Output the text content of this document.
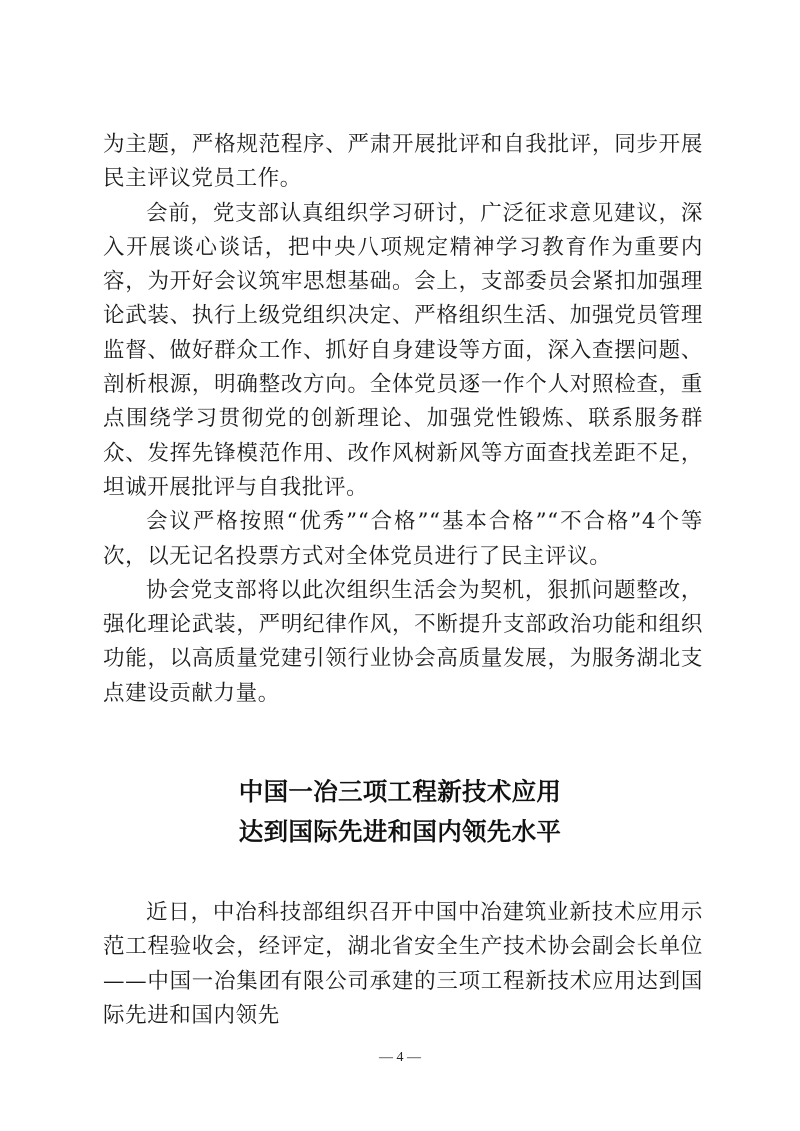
为主题，严格规范程序、严肃开展批评和自我批评，同步开展民主评议党员工作。

会前，党支部认真组织学习研讨，广泛征求意见建议，深入开展谈心谈话，把中央八项规定精神学习教育作为重要内容，为开好会议筑牢思想基础。会上，支部委员会紧扣加强理论武装、执行上级党组织决定、严格组织生活、加强党员管理监督、做好群众工作、抓好自身建设等方面，深入查摆问题、剖析根源，明确整改方向。全体党员逐一作个人对照检查，重点围绕学习贯彻党的创新理论、加强党性锻炼、联系服务群众、发挥先锋模范作用、改作风树新风等方面查找差距不足，坦诚开展批评与自我批评。

会议严格按照“优秀”“合格”“基本合格”“不合格”4个等次，以无记名投票方式对全体党员进行了民主评议。

协会党支部将以此次组织生活会为契机，狠抓问题整改，强化理论武装，严明纪律作风，不断提升支部政治功能和组织功能，以高质量党建引领行业协会高质量发展，为服务湖北支点建设贡献力量。

中国一冶三项工程新技术应用
达到国际先进和国内领先水平

近日，中冶科技部组织召开中国中冶建筑业新技术应用示范工程验收会，经评定，湖北省安全生产技术协会副会长单位——中国一冶集团有限公司承建的三项工程新技术应用达到国际先进和国内领先

— 4 —
